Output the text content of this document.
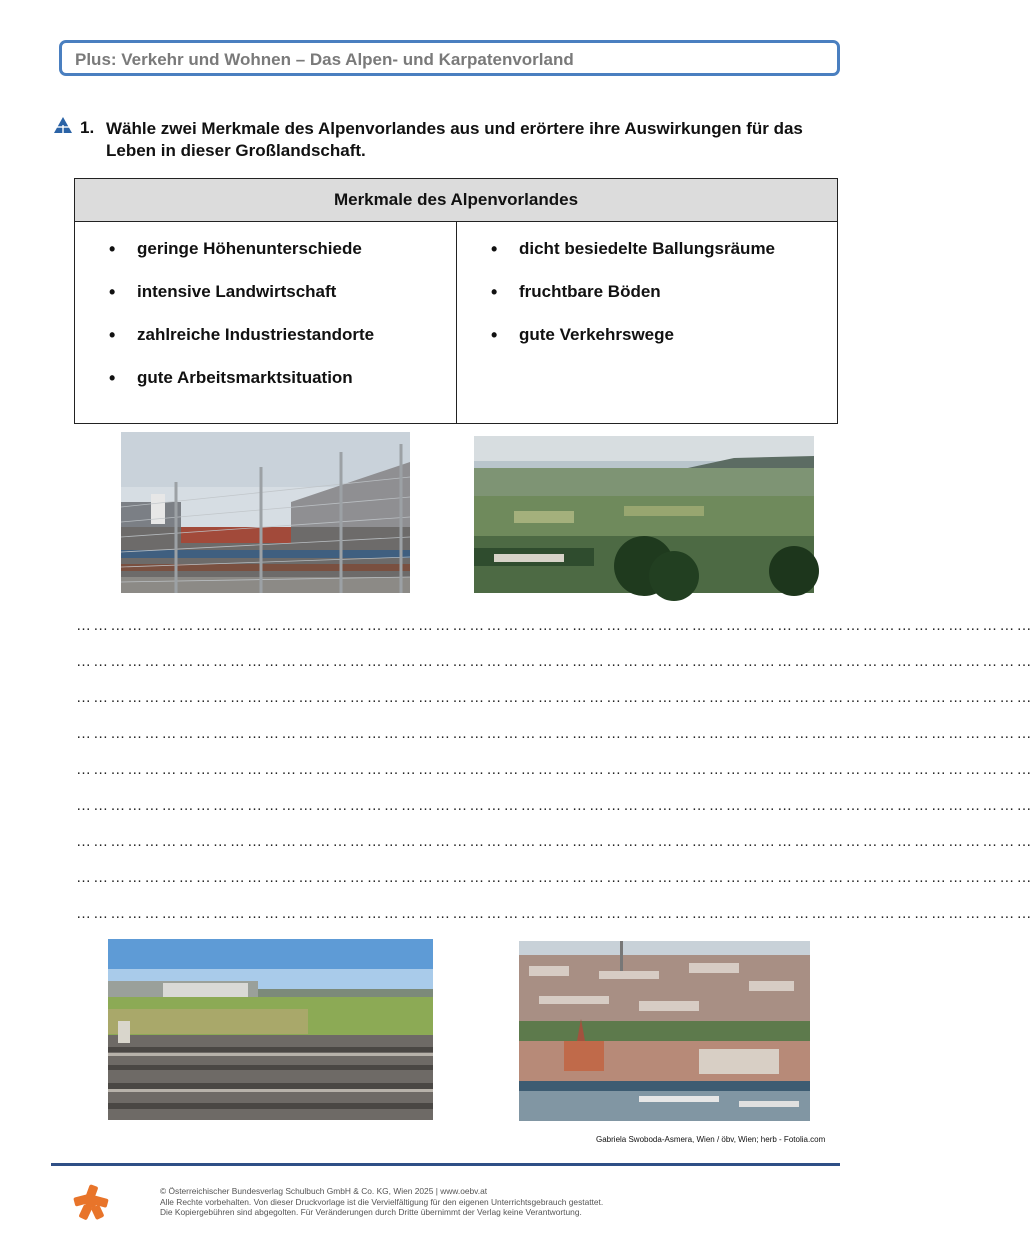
Plus: Verkehr und Wohnen – Das Alpen- und Karpatenvorland
1. Wähle zwei Merkmale des Alpenvorlandes aus und erörtere ihre Auswirkungen für das Leben in dieser Großlandschaft.
Merkmale des Alpenvorlandes
• geringe Höhenunterschiede
• intensive Landwirtschaft
• zahlreiche Industriestandorte
• gute Arbeitsmarktsituation
• dicht besiedelte Ballungsräume
• fruchtbare Böden
• gute Verkehrswege
……………………………………………………………………………………………………………………………………………………
……………………………………………………………………………………………………………………………………………………
……………………………………………………………………………………………………………………………………………………
……………………………………………………………………………………………………………………………………………………
……………………………………………………………………………………………………………………………………………………
……………………………………………………………………………………………………………………………………………………
……………………………………………………………………………………………………………………………………………………
……………………………………………………………………………………………………………………………………………………
……………………………………………………………………………………………………………………………………………………
Gabriela Swoboda-Asmera, Wien / öbv, Wien; herb - Fotolia.com
© Österreichischer Bundesverlag Schulbuch GmbH & Co. KG, Wien 2025 | www.oebv.at
Alle Rechte vorbehalten. Von dieser Druckvorlage ist die Vervielfältigung für den eigenen Unterrichtsgebrauch gestattet.
Die Kopiergebühren sind abgegolten. Für Veränderungen durch Dritte übernimmt der Verlag keine Verantwortung.
